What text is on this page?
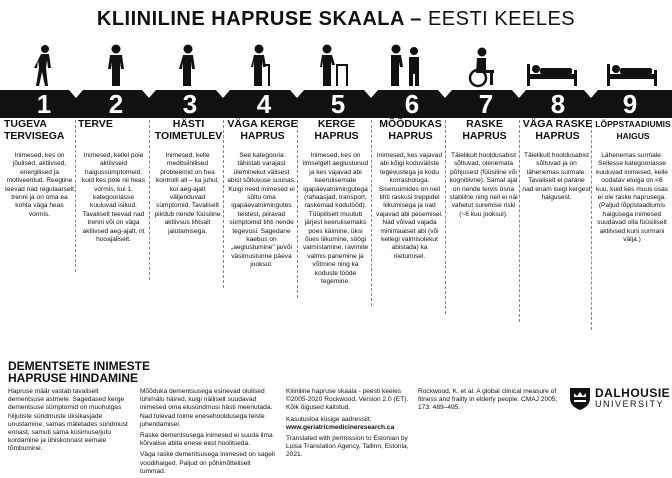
KLIINILINE HAPRUSE SKAALA – EESTI KEELES
1	2	3	4	5	6	7	8	9
TUGEVA
TERVISEGA
Inimesed, kes on jõulised, aktiivsed, energilised ja motiveeritud. Reegline teevad nad regulaarselt trenni ja on oma ea kohta väga heas vormis.
TERVE
Inimesed, kellel pole aktiivseid haigussümptomeid, kuid kes pole nii heas vormis, kui 1. kategooriasse kuuluvad isikud. Tavaliselt teevad nad trenni või on väga aktiivsed aeg-ajalt, nt hooajaliselt.
HÄSTI
TOIMETULEV
Inimesed, kelle meditsiinilised probleemid on hea kontrolli all – ka juhul, kui aeg-ajalt väljenduvad sümptomid. Tavaliselt piirdub nende füüsiline aktiivsus lihtsalt jalutamisega.
VÄGA KERGE
HAPRUS
See kategooria tähistab varajast üleminekut välisest abist sõltuvuse suunas. Kuigi need inimesed ei sõltu oma igapäevatoimingutes teistest, piiravad sümptomid tihti nende tegevusi. Sagedane kaebus on „aeglustumine" ja/või väsimustunne päeva jooksul.
KERGE
HAPRUS
Inimesed, kes on ilmselgelt aeglustunud ja kes vajavad abi keerulisemate igapäevatoimingutega (rahaasjad, transport, raskemad kodutööd). Tüüpiliselt muutub järjest keerulisemaks poes käimine, üksi õues liikumine, söögi valmistamine, ravimite valmis panemine ja võtmine ning ka koduste tööde tegemine.
MÕÕDUKAS
HAPRUS
Inimesed, kes vajavad abi kõigi koduväliste tegevustega ja kodu korrashoiuga. Siseruumides on neil tihti raskusi treppidel liikumisega ja nad vajavad abi pesemisel. Nad võivad vajada minimaalset abi (või kellegi valmisolekut abistada) ka riietumisel.
RASKE
HAPRUS
Täielikult hooldusabist sõltuvad, olenemata põhjusest (füüsiline või kognitiivne). Samal ajal on nende tervis üsna stabiilne ning neil ei näi vahetut suremise riski (~6 kuu jooksul).
VÄGA RASKE
HAPRUS
Täielikult hooldusabist sõltuvad ja on lähenemas surmale. Tavaliselt ei parane nad enam isegi kergest haigusest.
LÕPPSTAADIUMIS
HAIGUS
Lähenemas surmale. Sellesse kategooriasse kuuluvad inimesed, kelle oodatav eluiga on <6 kuu, kuid kes muus osas ei ole raske haprusega. (Paljud lõppstaadiumis haigusega inimesed suudavad olla füüsiliselt aktiivsed kuni surmani välja.)
DEMENTSETE INIMESTE
HAPRUSE HINDAMINE
Hapruse määr vastab tavaliselt dementsuse astmele. Sagedased kerge dementsuse sümptomid on muuhulgas hiljutiste sündmuste üksikasjade unustamine, samas mäletades sündmust ennast, samuti sama küsimuse/jutu kordamine ja ühiskonnast eemale tõmbumine.
Mõõduka dementsusega esinevad olulised lühimälu häired, kuigi näiliselt suudavad inimesed oma elusündmusi hästi meenutada. Nad tulevad toime enesehooldusega teiste juhendamisel.
Raske dementsusega inimesed ei suuda ilma kõrvalise abita enese eest hoolitseda.
Väga raske dementsusega inimesed on sageli voodihaiged. Paljud on põhimõtteliselt tummad.
Kliiniline hapruse skaala - peesti keeles ©2005-2020 Rockwood, Version 2.0 (ET). Kõik õigused kaitstud.
Kasutusloa küsige aadressilt:
www.geriatricmedicineresearch.ca
Translated with permission to Estonian by Luisa Translation Agency, Tallinn, Estonia, 2021.
Rockwood, K. et al. A global clinical measure of fitness and frailty in elderly people. CMAJ 2005; 173: 489–495.
DALHOUSIE
UNIVERSITY
